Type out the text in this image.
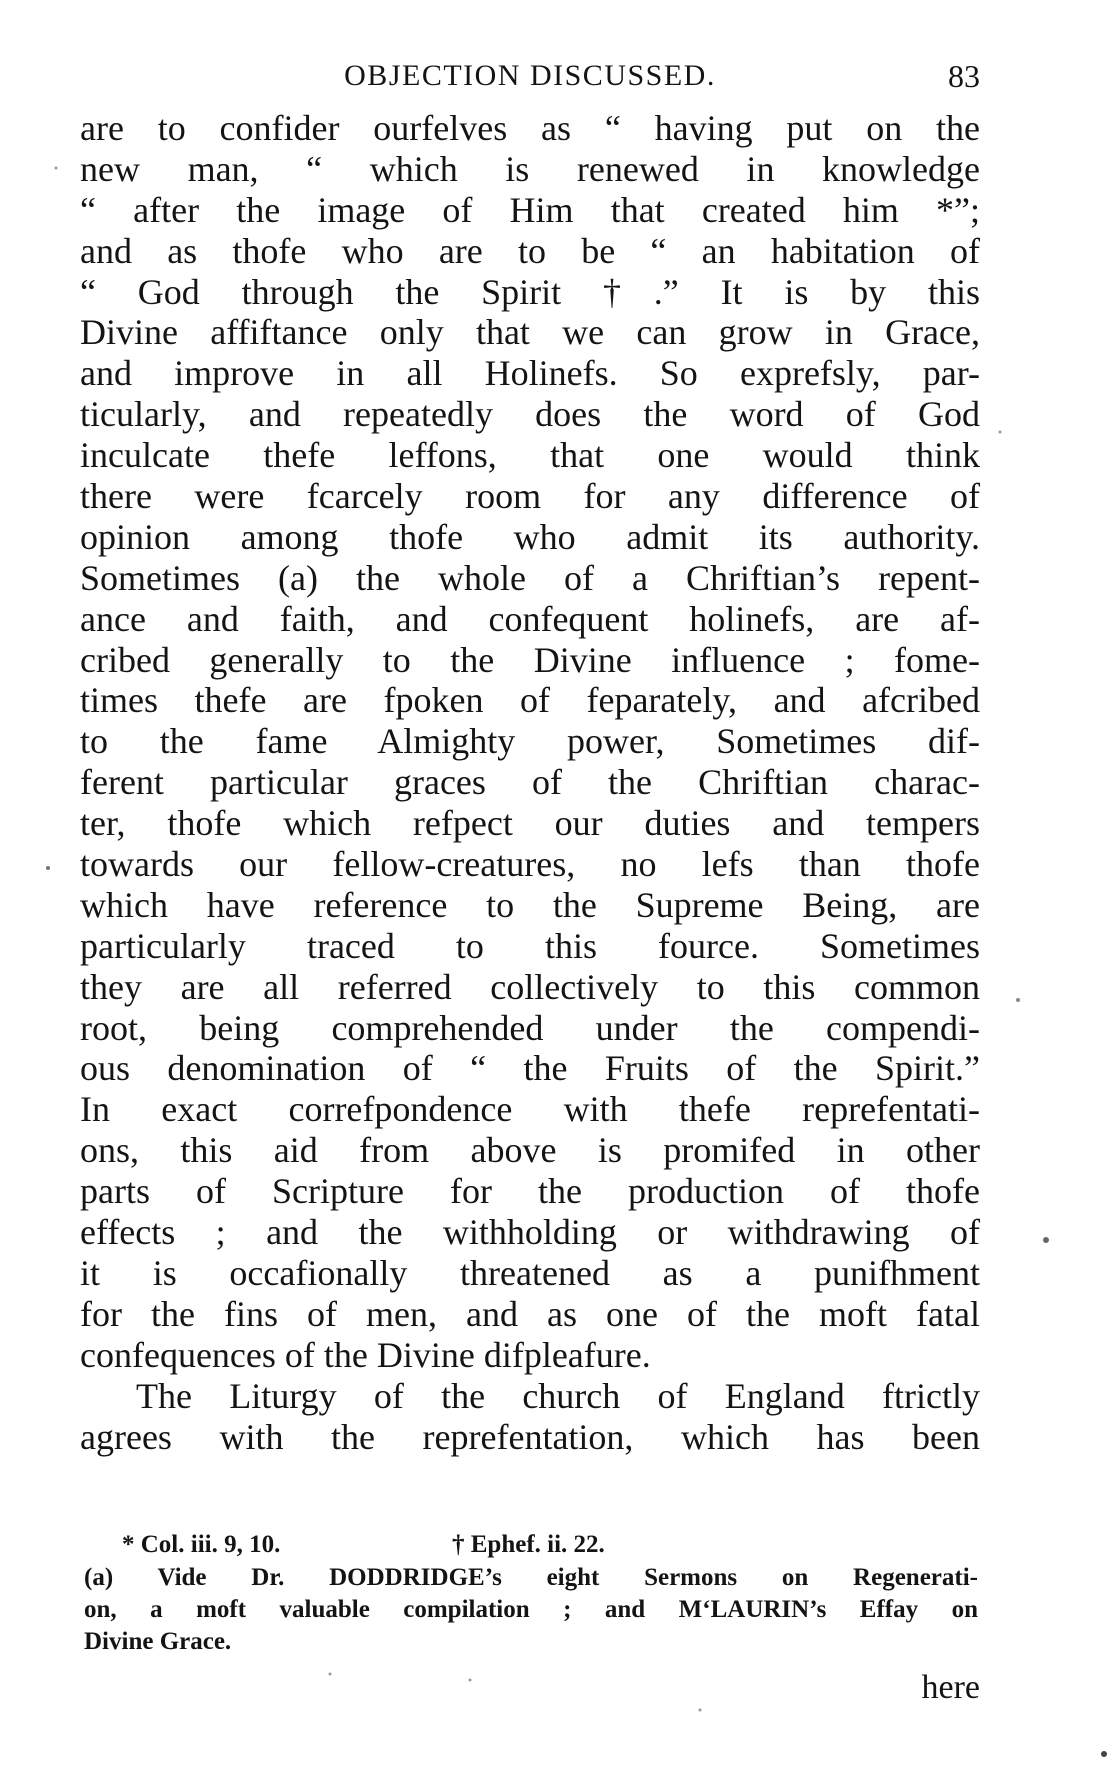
OBJECTION DISCUSSED.	83
are to confider ourfelves as “ having put on the
new man, “ which is renewed in knowledge
“ after the image of Him that created him *”;
and as thofe who are to be “ an habitation of
“ God through the Spirit †.” It is by this
Divine affiftance only that we can grow in Grace,
and improve in all Holinefs. So exprefsly, par-
ticularly, and repeatedly does the word of God
inculcate thefe leffons, that one would think
there were fcarcely room for any difference of
opinion among thofe who admit its authority.
Sometimes (a) the whole of a Chriftian’s repent-
ance and faith, and confequent holinefs, are af-
cribed generally to the Divine influence ; fome-
times thefe are fpoken of feparately, and afcribed
to the fame Almighty power, Sometimes dif-
ferent particular graces of the Chriftian charac-
ter, thofe which refpect our duties and tempers
towards our fellow-creatures, no lefs than thofe
which have reference to the Supreme Being, are
particularly traced to this fource. Sometimes
they are all referred collectively to this common
root, being comprehended under the compendi-
ous denomination of “ the Fruits of the Spirit.”
In exact correfpondence with thefe reprefentati-
ons, this aid from above is promifed in other
parts of Scripture for the production of thofe
effects ; and the withholding or withdrawing of
it is occafionally threatened as a punifhment
for the fins of men, and as one of the moft fatal
confequences of the Divine difpleafure.
The Liturgy of the church of England ftrictly
agrees with the reprefentation, which has been
* Col. iii. 9, 10.	† Ephef. ii. 22.
(a) Vide Dr. DODDRIDGE’s eight Sermons on Regenerati-
on, a moft valuable compilation ; and M‘LAURIN’s Effay on
Divine Grace.
here
